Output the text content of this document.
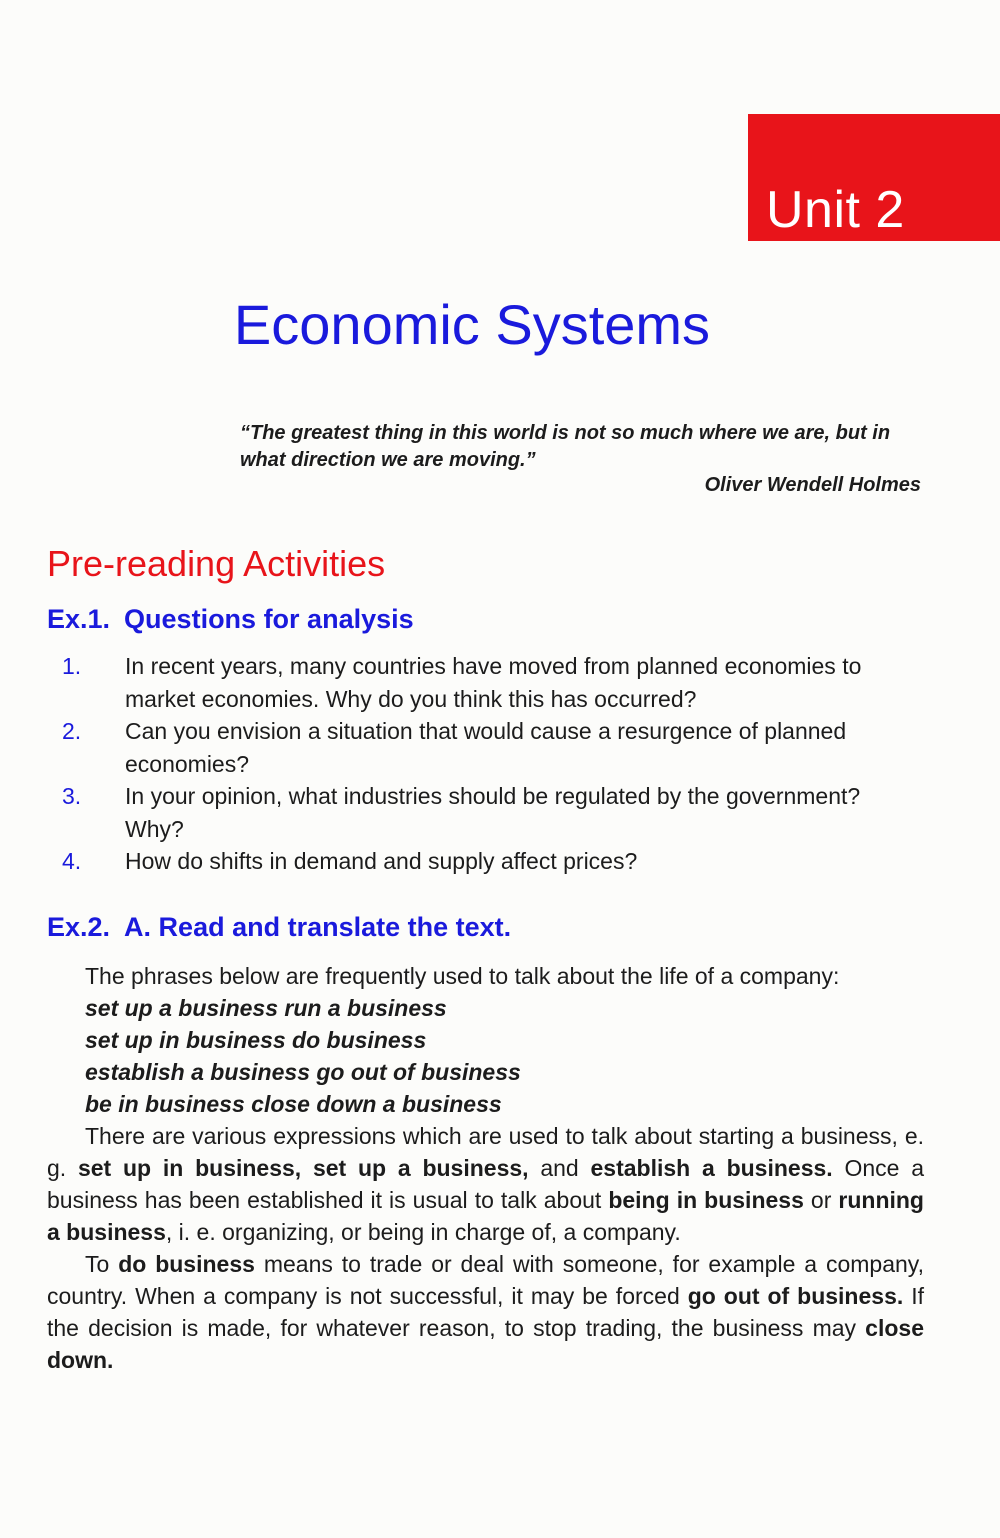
Unit 2
Economic Systems
“The greatest thing in this world is not so much where we are, but in what direction we are moving.”
Oliver Wendell Holmes
Pre-reading Activities
Ex.1. Questions for analysis
1. In recent years, many countries have moved from planned economies to market economies. Why do you think this has occurred?
2. Can you envision a situation that would cause a resurgence of planned economies?
3. In your opinion, what industries should be regulated by the government? Why?
4. How do shifts in demand and supply affect prices?
Ex.2. A. Read and translate the text.

The phrases below are frequently used to talk about the life of a company:

set up a business run a business

set up in business do business

establish a business go out of business

be in business close down a business

There are various expressions which are used to talk about starting a business, e. g. set up in business, set up a business, and establish a business. Once a business has been established it is usual to talk about being in business or running a business, i. e. organizing, or being in charge of, a company.

To do business means to trade or deal with someone, for example a company, country. When a company is not successful, it may be forced go out of business. If the decision is made, for whatever reason, to stop trading, the business may close down.
